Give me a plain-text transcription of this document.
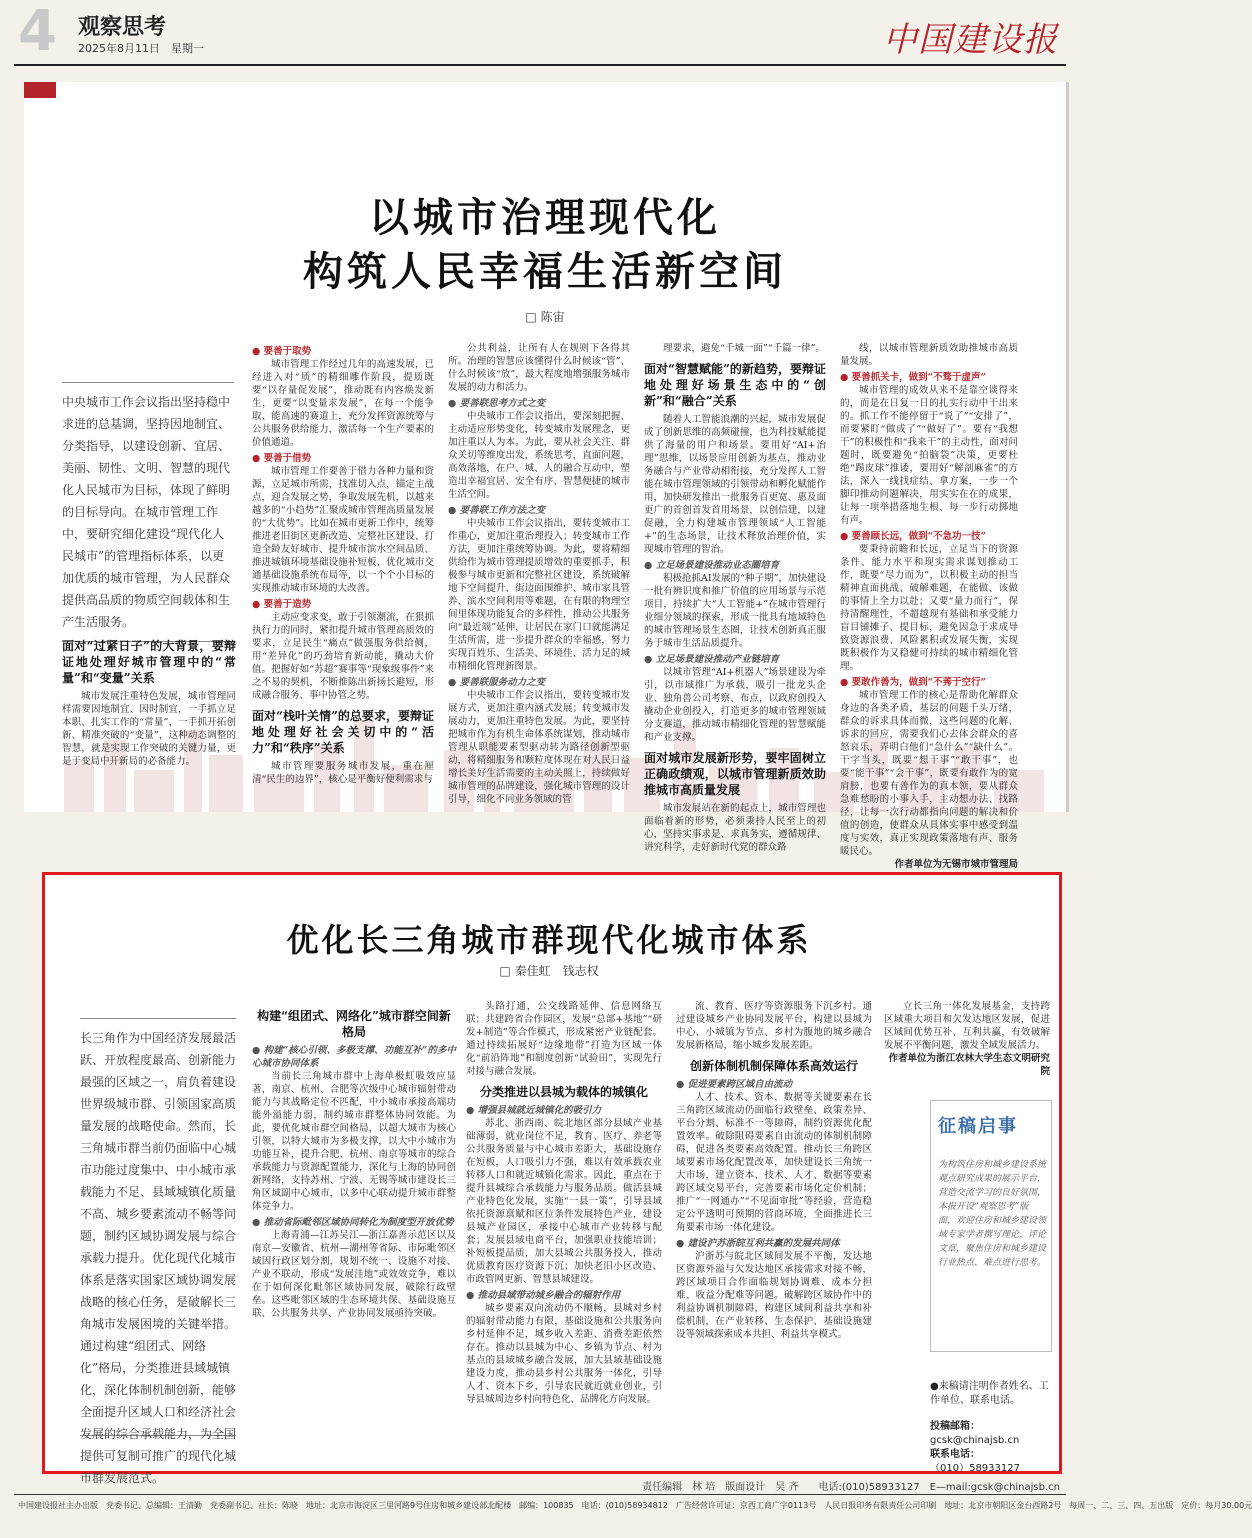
4 观察思考
2025年8月11日　星期一	中国建设报
以城市治理现代化
构筑人民幸福生活新空间
□ 陈宙
中央城市工作会议指出坚持稳中求进的总基调，坚持因地制宜、分类指导，以建设创新、宜居、美丽、韧性、文明、智慧的现代化人民城市为目标，体现了鲜明的目标导向。在城市管理工作中，要研究细化建设“现代化人民城市”的管理指标体系，以更加优质的城市管理，为人民群众提供高品质的物质空间载体和生产生活服务。

面对“过紧日子”的大背景，要辩证地处理好城市管理中的“常量”和“变量”关系

城市发展注重特色发展，城市管理同样需要因地制宜、因时制宜，一手抓立足本职、扎实工作的“常量”，一手抓开拓创新、精准突破的“变量”，这种动态调整的智慧，就是实现工作突破的关键力量，更是于变局中开新局的必备能力。

● 要善于取势

城市管理工作经过几年的高速发展，已经进入对“质”的精细雕作阶段，提质既要“以存量促发展”，推动既有内容焕发新生，更要“以变量求发展”，在每一个能争取、能高速的赛道上，充分发挥资源统筹与公共服务供给能力，激活每一个生产要素的价值通道。

● 要善于借势

城市管理工作要善于借力各种力量和资源，立足城市所需，找准切入点，锚定主战点，迎合发展之势，争取发展先机，以越来越多的“小趋势”汇聚成城市管理高质量发展的“大优势”。比如在城市更新工作中，统筹推进老旧街区更新改造、完整社区建设、打造全龄友好城市、提升城市滨水空间品质、推进城镇环境基础设施补短板、优化城市交通基础设施系统布局等，以一个个小目标的实现推动城市环境的大改善。

● 要善于造势

主动应变求变，敢于引领潮流，在狠抓执行力的同时，紧扣提升城市管理高质效的要求，立足民生“痛点”做强服务供给侧，用“差异化”的巧劲培育新动能，撬动大价值。把握好如“苏超”赛事等“现象级事件”来之不易的契机，不断推陈出新扬长避短，形成融合服务、事中协管之势。

面对“栈叶关情”的总要求，要辩证地处理好社会关切中的“活力”和“秩序”关系

城市管理要服务城市发展，重在厘清“民生的边界”，核心是平衡好便利需求与

公共利益，让所有人在规则下各得其所。治理的智慧应该懂得什么时候该“管”、什么时候该“放”，最大程度地增强服务城市发展的动力和活力。

● 要善联思考方式之变

中央城市工作会议指出，要深刻把握、主动适应形势变化，转变城市发展理念，更加注重以人为本。为此，要从社会关注、群众关切等维度出发，系统思考，直面问题，高效落地，在户、城、人的融合互动中，塑造出幸福宜居、安全有序、智慧便捷的城市生活空间。

● 要善联工作方法之变

中央城市工作会议指出，要转变城市工作重心，更加注重治理投入；转变城市工作方法，更加注重统筹协调。为此，要将精细供给作为城市管理提质增效的重要抓手，积极参与城市更新和完整社区建设，系统破解地下空间提升、街边面围维护、城市家具管养、滨水空间利用等难题，在有限的物理空间里体现功能复合的多样性，推动公共服务向“最近端”延伸，让居民在家门口就能满足生活所需，进一步提升群众的幸福感，努力实现百姓乐、生活美、环境佳、活力足的城市精细化管理新图景。

● 要善联服务动力之变

中央城市工作会议指出，要转变城市发展方式，更加注重内涵式发展；转变城市发展动力，更加注重特色发展。为此，要坚持把城市作为有机生命体系统谋划，推动城市管理从职能要素型驱动转为路径创新型驱动，将精细服务和颗粒度体现在对人民日益增长美好生活需要的主动关照上，持续做好城市管理的品牌建设，强化城市管理的设计引导，细化不同业务领域的管

理要求，避免“千城一面”“千篇一律”。

面对“智慧赋能”的新趋势，要辩证地处理好场景生态中的“创新”和“融合”关系

随着人工智能浪潮的兴起，城市发展促成了创新思维的高频碰撞，也为科技赋能提供了海量的用户和场景。要用好“AI+治理”思维，以场景应用创新为基点，推动业务融合与产业带动相衔接，充分发挥人工智能在城市管理领域的引领带动和孵化赋能作用，加快研发推出一批服务百更宽、惠及面更广的首创首发首用场景，以创信建，以建促融，全力构建城市管理领域“人工智能+”的生态场景，让技术释放治理价值，实现城市管理的智治。

● 立足场景建设推动业态圈培育

积极抢抓AI发展的“种子期”，加快建设一批有辨识度和推广价值的应用场景与示范项目，持续扩大“人工智能+”在城市管理行业细分领域的探索，形成一批具有地域特色的城市管理场景生态圈，让技术创新真正服务于城市生活品质提升。

● 立足场景建设推动产业链培育

以城市管理“AI+机器人”场景建设为牵引，以市域推广为承载，吸引一批龙头企业、独角兽公司考察、布点，以政府创投入撬动企业创投入，打造更多的城市管理领域分支赛道，推动城市精细化管理的智慧赋能和产业支撑。

面对城市发展新形势，要牢固树立正确政绩观，以城市管理新质效助推城市高质量发展

城市发展站在新的起点上，城市管理也面临着新的形势，必须秉持人民至上的初心，坚持实事求是、求真务实，遵循规律、讲究科学，走好新时代党的群众路

线，以城市管理新质效助推城市高质量发展。

● 要善抓关卡，做到“不骛于虚声”

城市管理的成效从来不是靠空谈得来的，而是在日复一日的扎实行动中干出来的。抓工作不能停留于“说了”“安排了”，而要紧盯“做成了”“做好了”。要有“我想干”的积极性和“我来干”的主动性，面对问题时，既要避免“拍脑袋”决策，更要杜绝“踢皮球”推诿，要用好“解剖麻雀”的方法，深入一线找症结、拿方案，一步一个脚印推动问题解决，用实实在在的成果，让每一项举措落地生根、每一步行动掷地有声。

● 要善顾长远，做到“不急功一技”

要秉持前瞻和长远，立足当下的资源条件、能力水平和现实需求谋划推动工作，既要“尽力而为”，以积极主动的担当精神直面挑战、破解难题，在能做、该做的事情上全力以赴；又要“量力而行”，保持清醒理性，不超越现有基础和承受能力盲目铺摊子、提目标，避免因急于求成导致资源浪费、风险累积或发展失衡，实现既积极作为又稳健可持续的城市精细化管理。

● 要敢作善为，做到“不莠于空行”

城市管理工作的核心是帮助化解群众身边的各类矛盾，基层的问题千头万绪，群众的诉求具体而微，这些问题的化解、诉求的回应，需要我们心去体会群众的喜怒哀乐，弄明白他们“急什么”“缺什么”。干字当头，既要“想干事”“敢干事”，也要“能干事”“会干事”，既要有敢作为的宽肩膀，也要有善作为的真本领，要从群众急难愁盼的小事入手，主动想办法、找路径，让每一次行动都指向问题的解决和价值的创造，使群众从具体实事中感受到温度与实效，真正实现政策落地有声、服务暖民心。

作者单位为无锡市城市管理局

优化长三角城市群现代化城市体系
□ 秦佳虹　钱志权
长三角作为中国经济发展最活跃、开放程度最高、创新能力最强的区域之一，肩负着建设世界级城市群、引领国家高质量发展的战略使命。然而，长三角城市群当前仍面临中心城市功能过度集中、中小城市承载能力不足、县域城镇化质量不高、城乡要素流动不畅等问题，制约区域协调发展与综合承载力提升。优化现代化城市体系是落实国家区域协调发展战略的核心任务，是破解长三角城市发展困境的关键举措。通过构建“组团式、网络化”格局，分类推进县域城镇化，深化体制机制创新，能够全面提升区域人口和经济社会发展的综合承载能力，为全国提供可复制可推广的现代化城市群发展范式。

构建“组团式、网络化”城市群空间新格局

● 构建“核心引领、多极支撑、功能互补”的多中心城市协同体系

当前长三角城市群中上海单极虹吸效应显著，南京、杭州、合肥等次级中心城市辐射带动能力与其战略定位不匹配，中小城市承接高端功能外溢能力弱，制约城市群整体协同效能。为此，要优化城市群空间格局，以超大城市为核心引领，以特大城市为多极支撑，以大中小城市为功能互补，提升合肥、杭州、南京等城市的综合承载能力与资源配置能力，深化与上海的协同创新网络，支持苏州、宁波、无锡等城市建设长三角区域副中心城市，以多中心联动提升城市群整体竞争力。

● 推动省际毗邻区域协同转化为制度型开放优势

上海青浦—江苏吴江—浙江嘉善示范区以及南京—安徽省、杭州—湖州等省际、市际毗邻区域因行政区划分割，规划不统一、设施不对接、产业不联动，形成“发展洼地”或效效竞争，难以在于如何深化毗邻区域协同发展，破除行政壁垒。这些毗邻区域的生态环境共保、基础设施互联、公共服务共享、产业协同发展亟待突破。

头路打通，公交线路延伸、信息网络互联；共建跨省合作园区，发展“总部+基地”“研发+制造”等合作模式，形成紧密产业链配套。通过持续拓展好“边缘地带”打造为区域一体化“前沿阵地”和制度创新“试验田”，实现先行对接与融合发展。

分类推进以县城为载体的城镇化

● 增强县城就近城镇化的吸引力

苏北、浙西南、皖北地区部分县域产业基础薄弱，就业岗位不足，教育、医疗、养老等公共服务质量与中心城市差距大，基础设施存在短板，人口吸引力不强，难以有效承载农业转移人口和就近城镇化需求。因此，重点在于提升县城综合承载能力与服务品质。做活县城产业特色化发展，实施“一县一策”，引导县域依托资源禀赋和区位条件发展特色产业，建设县城产业园区，承接中心城市产业转移与配套；发展县域电商平台，加强职业技能培训；补短板提品质，加大县城公共服务投入，推动优质教育医疗资源下沉；加快老旧小区改造、市政管网更新、智慧县城建设。

● 推动县域带动城乡融合的辐射作用

城乡要素双向流动仍不顺畅，县城对乡村的辐射带动能力有限，基础设施和公共服务向乡村延伸不足，城乡收入差距、消费差距依然存在。推动以县城为中心、乡镇为节点、村为基点的县域城乡融合发展，加大县域基础设施建设力度，推动县乡村公共服务一体化，引导人才、资本下乡，引导农民就近就业创业，引导县城周边乡村向特色化、品牌化方向发展。

流、教育、医疗等资源服务下沉乡村。通过建设城乡产业协同发展平台，构建以县城为中心、小城镇为节点、乡村为腹地的城乡融合发展新格局，缩小城乡发展差距。

创新体制机制保障体系高效运行

● 促进要素跨区域自由流动

人才、技术、资本、数据等关键要素在长三角跨区域流动仍面临行政壁垒、政策差异、平台分割、标准不一等障碍，制约资源优化配置效率。破除阻碍要素自由流动的体制机制障碍，促进各类要素高效配置。推动长三角跨区域要素市场化配置改革，加快建设长三角统一大市场，建立资本、技术、人才、数据等要素跨区域交易平台，完善要素市场化定价机制；推广“一网通办”“不见面审批”等经验，营造稳定公平透明可预期的营商环境，全面推进长三角要素市场一体化建设。

● 建设沪苏浙皖互利共赢的发展共同体

沪浙苏与皖北区域间发展不平衡，发达地区资源外溢与欠发达地区承接需求对接不畅，跨区域项目合作面临规划协调难、成本分担难、收益分配难等问题。破解跨区域协作中的利益协调机制障碍，构建区域间利益共享和补偿机制，在产业转移、生态保护、基础设施建设等领域探索成本共担、利益共享模式。

立长三角一体化发展基金，支持跨区域重大项目和欠发达地区发展，促进区域间优势互补、互利共赢，有效破解发展不平衡问题，激发全域发展活力。

作者单位为浙江农林大学生态文明研究院

征稿启事
为构筑住房和城乡建设系统观点研究成果的展示平台，营造交流学习的良好氛围，本报开设“观察思考”版面，欢迎住房和城乡建设领域专家学者撰写理论、评论文章，聚焦住房和城乡建设行业热点、难点进行思考。
●来稿请注明作者姓名、工作单位、联系电话。
投稿邮箱：
gcsk@chinajsb.cn
联系电话：
（010）58933127
责任编辑　林 培　版面设计　吴 齐　　电话:(010)58933127　E—mail:gcsk@chinajsb.cn
中国建设报社主办出版　党委书记、总编辑：王清勤　党委副书记、社长：陈晓　地址：北京市海淀区三里河路9号住房和城乡建设部北配楼　邮编：100835　电话：(010)58934812　广告经营许可证：京西工商广字0113号　人民日报印务有限责任公司印刷　地址：北京市朝阳区金台西路2号　每周一、二、三、四、五出版　定价：每月30.00元
